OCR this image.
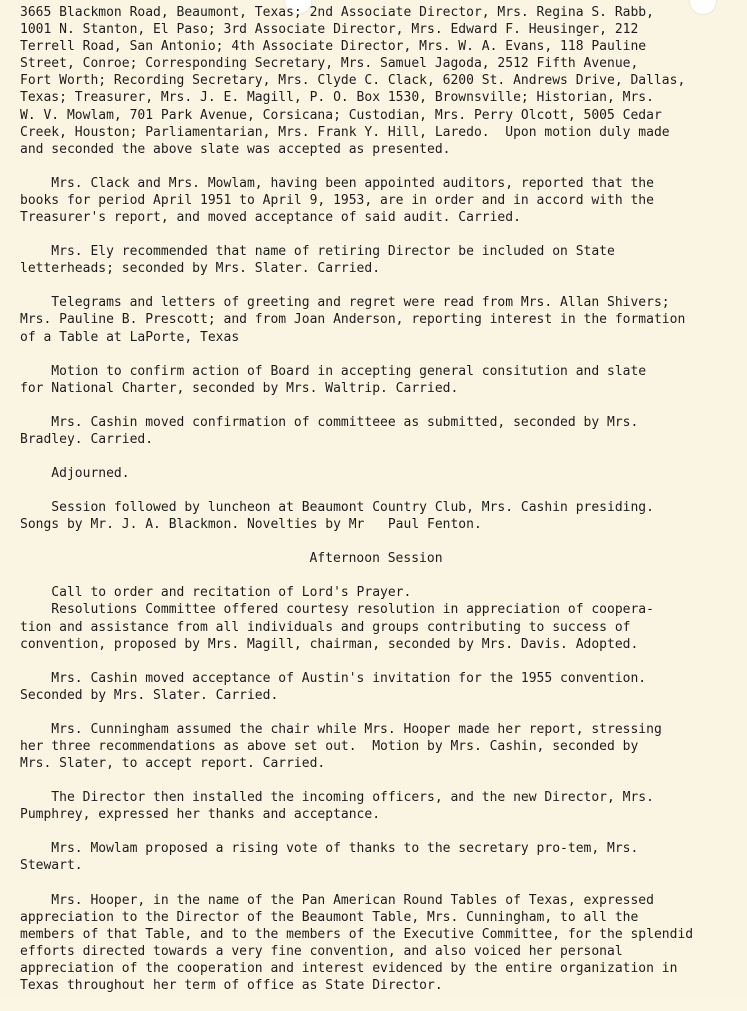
3665 Blackmon Road, Beaumont, Texas; 2nd Associate Director, Mrs. Regina S. Rabb,
1001 N. Stanton, El Paso; 3rd Associate Director, Mrs. Edward F. Heusinger, 212
Terrell Road, San Antonio; 4th Associate Director, Mrs. W. A. Evans, 118 Pauline
Street, Conroe; Corresponding Secretary, Mrs. Samuel Jagoda, 2512 Fifth Avenue,
Fort Worth; Recording Secretary, Mrs. Clyde C. Clack, 6200 St. Andrews Drive, Dallas,
Texas; Treasurer, Mrs. J. E. Magill, P. O. Box 1530, Brownsville; Historian, Mrs.
W. V. Mowlam, 701 Park Avenue, Corsicana; Custodian, Mrs. Perry Olcott, 5005 Cedar
Creek, Houston; Parliamentarian, Mrs. Frank Y. Hill, Laredo.  Upon motion duly made
and seconded the above slate was accepted as presented.
Mrs. Clack and Mrs. Mowlam, having been appointed auditors, reported that the
books for period April 1951 to April 9, 1953, are in order and in accord with the
Treasurer's report, and moved acceptance of said audit. Carried.
Mrs. Ely recommended that name of retiring Director be included on State
letterheads; seconded by Mrs. Slater. Carried.
Telegrams and letters of greeting and regret were read from Mrs. Allan Shivers;
Mrs. Pauline B. Prescott; and from Joan Anderson, reporting interest in the formation
of a Table at LaPorte, Texas
Motion to confirm action of Board in accepting general consitution and slate
for National Charter, seconded by Mrs. Waltrip. Carried.
Mrs. Cashin moved confirmation of committeee as submitted, seconded by Mrs.
Bradley. Carried.
Adjourned.
Session followed by luncheon at Beaumont Country Club, Mrs. Cashin presiding.
Songs by Mr. J. A. Blackmon. Novelties by Mr   Paul Fenton.
Afternoon Session
Call to order and recitation of Lord's Prayer.
Resolutions Committee offered courtesy resolution in appreciation of coopera-
tion and assistance from all individuals and groups contributing to success of
convention, proposed by Mrs. Magill, chairman, seconded by Mrs. Davis. Adopted.
Mrs. Cashin moved acceptance of Austin's invitation for the 1955 convention.
Seconded by Mrs. Slater. Carried.
Mrs. Cunningham assumed the chair while Mrs. Hooper made her report, stressing
her three recommendations as above set out.  Motion by Mrs. Cashin, seconded by
Mrs. Slater, to accept report. Carried.
The Director then installed the incoming officers, and the new Director, Mrs.
Pumphrey, expressed her thanks and acceptance.
Mrs. Mowlam proposed a rising vote of thanks to the secretary pro-tem, Mrs.
Stewart.
Mrs. Hooper, in the name of the Pan American Round Tables of Texas, expressed
appreciation to the Director of the Beaumont Table, Mrs. Cunningham, to all the
members of that Table, and to the members of the Executive Committee, for the splendid
efforts directed towards a very fine convention, and also voiced her personal
appreciation of the cooperation and interest evidenced by the entire organization in
Texas throughout her term of office as State Director.
